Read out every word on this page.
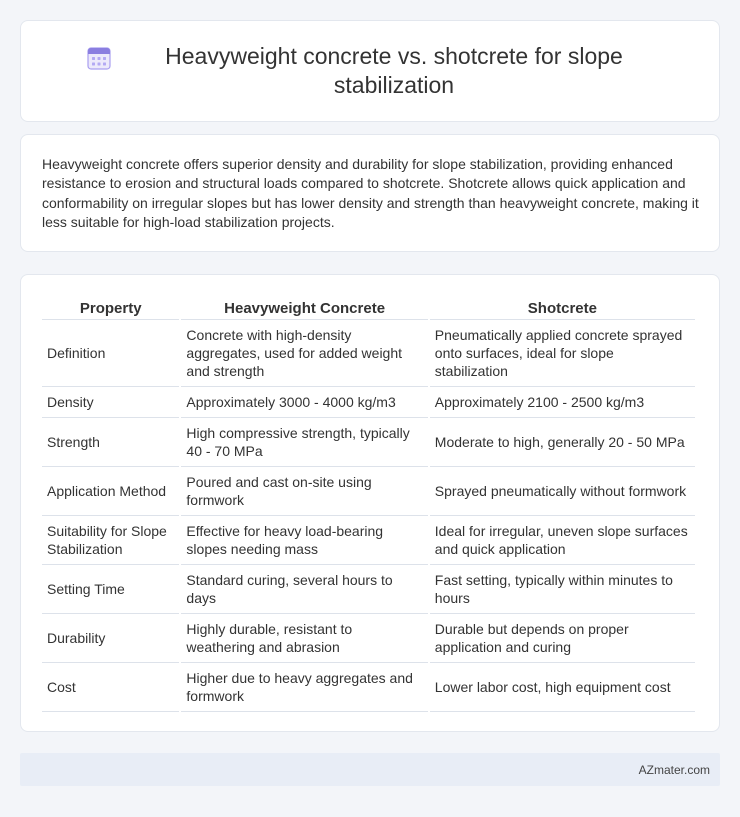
Heavyweight concrete vs. shotcrete for slope stabilization

Heavyweight concrete offers superior density and durability for slope stabilization, providing enhanced resistance to erosion and structural loads compared to shotcrete. Shotcrete allows quick application and conformability on irregular slopes but has lower density and strength than heavyweight concrete, making it less suitable for high-load stabilization projects.

Property	Heavyweight Concrete	Shotcrete
Definition	Concrete with high-density aggregates, used for added weight and strength	Pneumatically applied concrete sprayed onto surfaces, ideal for slope stabilization
Density	Approximately 3000 - 4000 kg/m3	Approximately 2100 - 2500 kg/m3
Strength	High compressive strength, typically 40 - 70 MPa	Moderate to high, generally 20 - 50 MPa
Application Method	Poured and cast on-site using formwork	Sprayed pneumatically without formwork
Suitability for Slope Stabilization	Effective for heavy load-bearing slopes needing mass	Ideal for irregular, uneven slope surfaces and quick application
Setting Time	Standard curing, several hours to days	Fast setting, typically within minutes to hours
Durability	Highly durable, resistant to weathering and abrasion	Durable but depends on proper application and curing
Cost	Higher due to heavy aggregates and formwork	Lower labor cost, high equipment cost
AZmater.com
